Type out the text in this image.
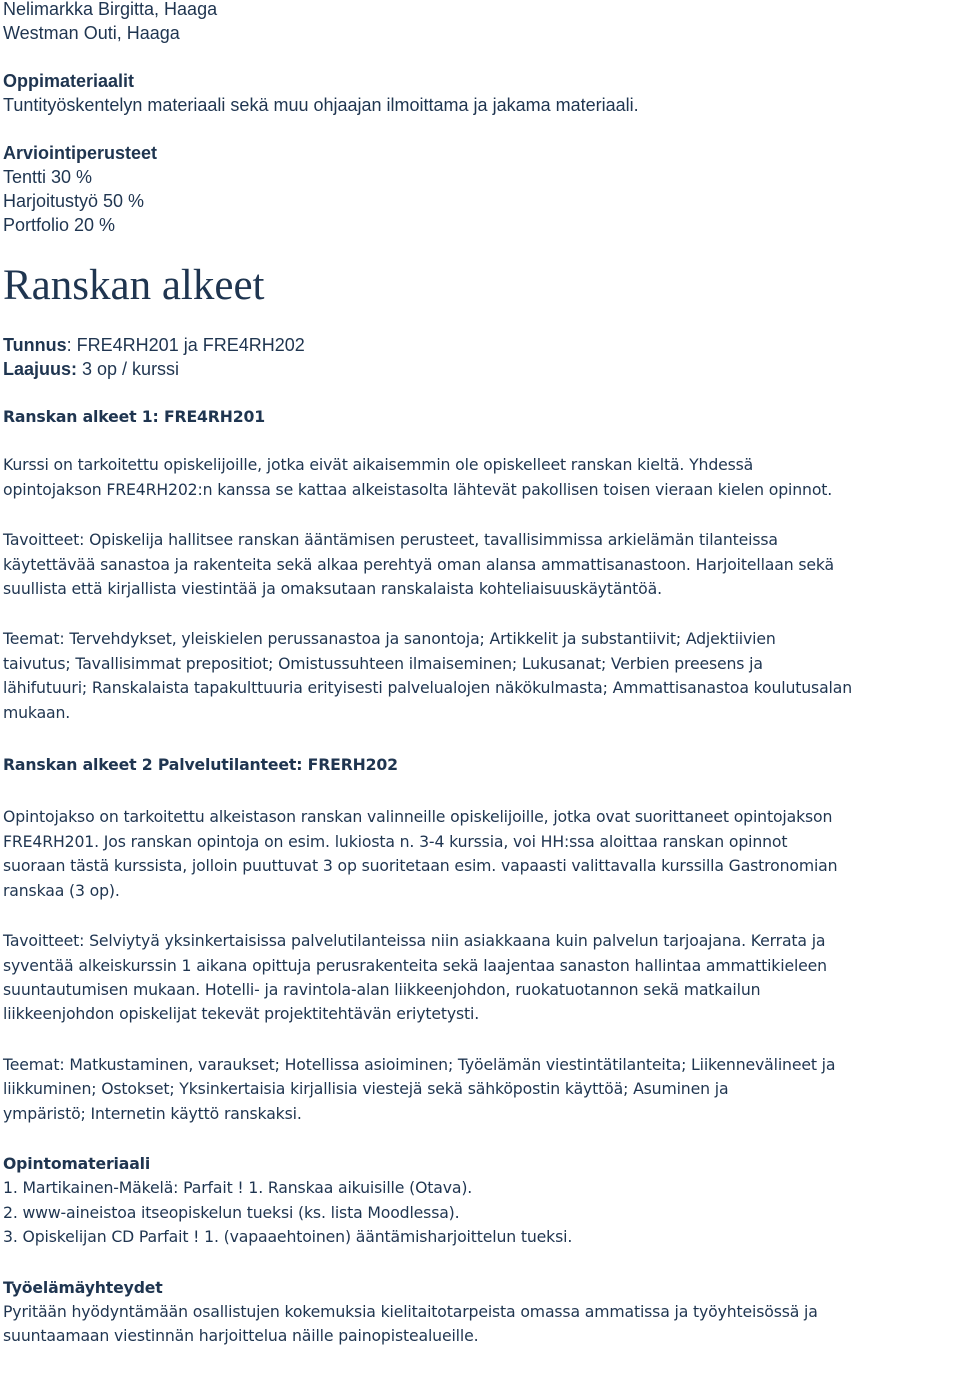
Nelimarkka Birgitta, Haaga
Westman Outi, Haaga
Oppimateriaalit
Tuntityöskentelyn materiaali sekä muu ohjaajan ilmoittama ja jakama materiaali.
Arviointiperusteet
Tentti 30 %
Harjoitustyö 50 %
Portfolio 20 %
Ranskan alkeet
Tunnus: FRE4RH201 ja FRE4RH202
Laajuus: 3 op / kurssi
Ranskan alkeet 1: FRE4RH201
Kurssi on tarkoitettu opiskelijoille, jotka eivät aikaisemmin ole opiskelleet ranskan kieltä. Yhdessä
opintojakson FRE4RH202:n kanssa se kattaa alkeistasolta lähtevät pakollisen toisen vieraan kielen opinnot.
Tavoitteet: Opiskelija hallitsee ranskan ääntämisen perusteet, tavallisimmissa arkielämän tilanteissa
käytettävää sanastoa ja rakenteita sekä alkaa perehtyä oman alansa ammattisanastoon. Harjoitellaan sekä
suullista että kirjallista viestintää ja omaksutaan ranskalaista kohteliaisuuskäytäntöä.
Teemat: Tervehdykset, yleiskielen perussanastoa ja sanontoja; Artikkelit ja substantiivit; Adjektiivien
taivutus; Tavallisimmat prepositiot; Omistussuhteen ilmaiseminen; Lukusanat; Verbien preesens ja
lähifutuuri; Ranskalaista tapakulttuuria erityisesti palvelualojen näkökulmasta; Ammattisanastoa koulutusalan
mukaan.
Ranskan alkeet 2 Palvelutilanteet: FRERH202
Opintojakso on tarkoitettu alkeistason ranskan valinneille opiskelijoille, jotka ovat suorittaneet opintojakson
FRE4RH201. Jos ranskan opintoja on esim. lukiosta n. 3-4 kurssia, voi HH:ssa aloittaa ranskan opinnot
suoraan tästä kurssista, jolloin puuttuvat 3 op suoritetaan esim. vapaasti valittavalla kurssilla Gastronomian
ranskaa (3 op).
Tavoitteet: Selviytyä yksinkertaisissa palvelutilanteissa niin asiakkaana kuin palvelun tarjoajana. Kerrata ja
syventää alkeiskurssin 1 aikana opittuja perusrakenteita sekä laajentaa sanaston hallintaa ammattikieleen
suuntautumisen mukaan. Hotelli- ja ravintola-alan liikkeenjohdon, ruokatuotannon sekä matkailun
liikkeenjohdon opiskelijat tekevät projektitehtävän eriytetysti.
Teemat: Matkustaminen, varaukset; Hotellissa asioiminen; Työelämän viestintätilanteita; Liikennevälineet ja
liikkuminen; Ostokset; Yksinkertaisia kirjallisia viestejä sekä sähköpostin käyttöä; Asuminen ja
ympäristö; Internetin käyttö ranskaksi.
Opintomateriaali
1. Martikainen-Mäkelä: Parfait ! 1. Ranskaa aikuisille (Otava).
2. www-aineistoa itseopiskelun tueksi (ks. lista Moodlessa).
3. Opiskelijan CD Parfait ! 1. (vapaaehtoinen) ääntämisharjoittelun tueksi.
Työelämäyhteydet
Pyritään hyödyntämään osallistujen kokemuksia kielitaitotarpeista omassa ammatissa ja työyhteisössä ja
suuntaamaan viestinnän harjoittelua näille painopistealueille.
